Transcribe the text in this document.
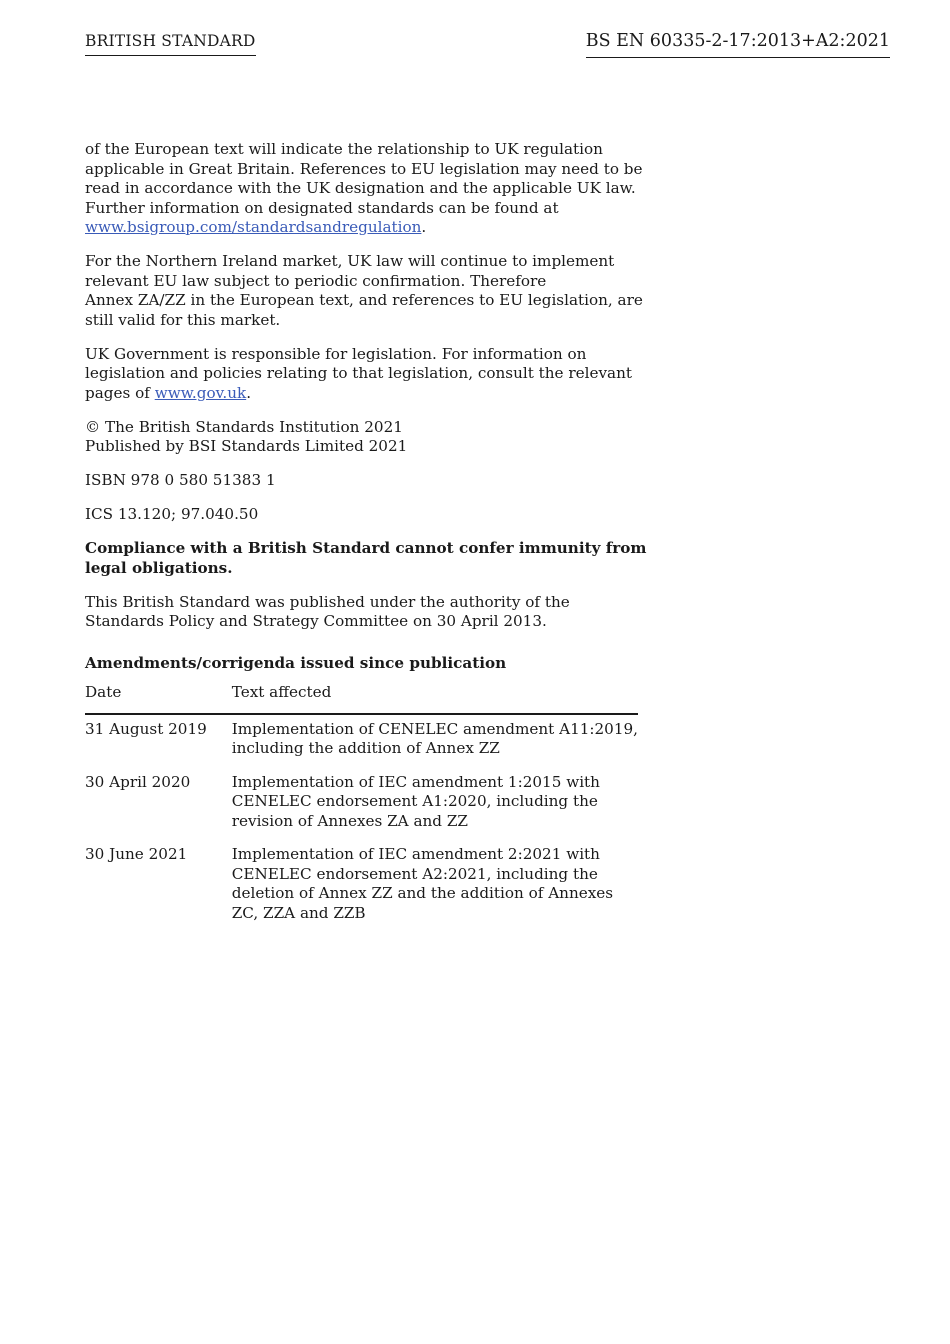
BRITISH STANDARD	BS EN 60335-2-17:2013+A2:2021

of the European text will indicate the relationship to UK regulation
applicable in Great Britain. References to EU legislation may need to be
read in accordance with the UK designation and the applicable UK law.
Further information on designated standards can be found at
www.bsigroup.com/standardsandregulation.

For the Northern Ireland market, UK law will continue to implement
relevant EU law subject to periodic confirmation. Therefore
Annex ZA/ZZ in the European text, and references to EU legislation, are
still valid for this market.

UK Government is responsible for legislation. For information on
legislation and policies relating to that legislation, consult the relevant
pages of www.gov.uk.

© The British Standards Institution 2021
Published by BSI Standards Limited 2021

ISBN 978 0 580 51383 1

ICS 13.120; 97.040.50

Compliance with a British Standard cannot confer immunity from
legal obligations.

This British Standard was published under the authority of the
Standards Policy and Strategy Committee on 30 April 2013.

Amendments/corrigenda issued since publication
Date	Text affected
31 August 2019	Implementation of CENELEC amendment A11:2019,
including the addition of Annex ZZ

30 April 2020	Implementation of IEC amendment 1:2015 with
CENELEC endorsement A1:2020, including the
revision of Annexes ZA and ZZ

30 June 2021	Implementation of IEC amendment 2:2021 with
CENELEC endorsement A2:2021, including the
deletion of Annex ZZ and the addition of Annexes
ZC, ZZA and ZZB
